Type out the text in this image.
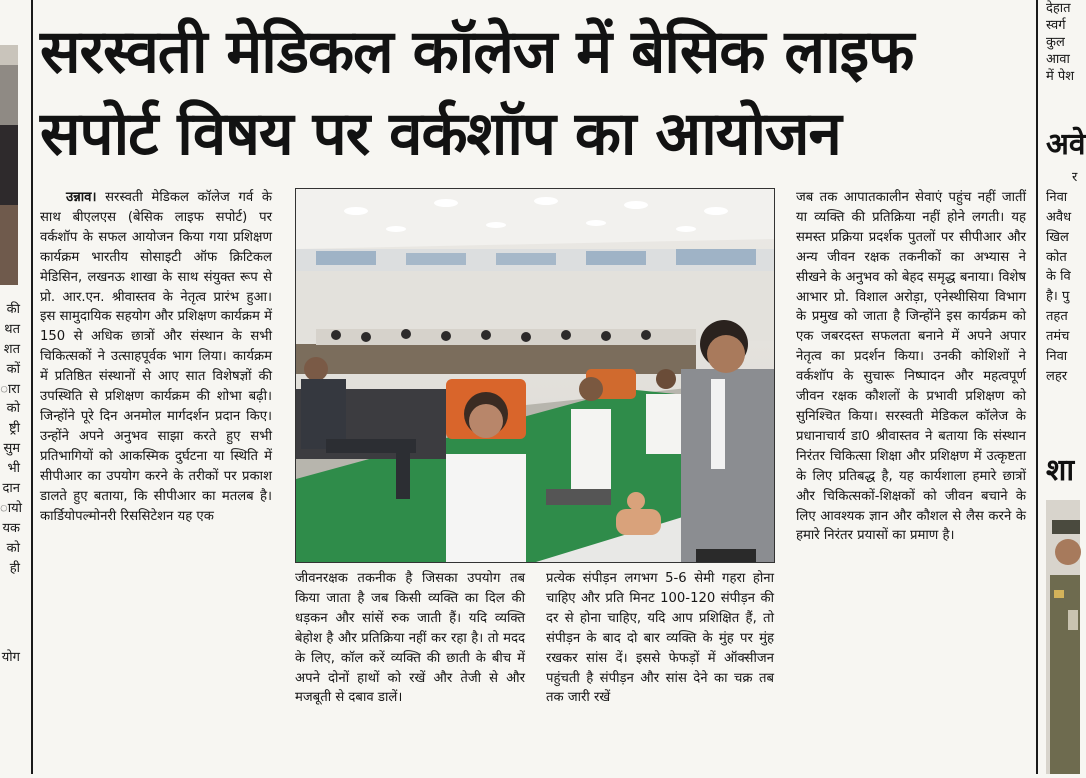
की
थत
शत
कों
ारा
को
ष्ट्री
सुम
भी
दान
ायो
यक
को
ही
योग
सरस्वती मेडिकल कॉलेज में बेसिक लाइफ
सपोर्ट विषय पर वर्कशॉप का आयोजन

उन्नाव। सरस्वती मेडिकल कॉलेज गर्व के साथ बीएलएस (बेसिक लाइफ सपोर्ट) पर वर्कशॉप के सफल आयोजन किया गया प्रशिक्षण कार्यक्रम भारतीय सोसाइटी ऑफ क्रिटिकल मेडिसिन, लखनऊ शाखा के साथ संयुक्त रूप से प्रो. आर.एन. श्रीवास्तव के नेतृत्व प्रारंभ हुआ। इस सामुदायिक सहयोग और प्रशिक्षण कार्यक्रम में 150 से अधिक छात्रों और संस्थान के सभी चिकित्सकों ने उत्साहपूर्वक भाग लिया। कार्यक्रम में प्रतिष्ठित संस्थानों से आए सात विशेषज्ञों की उपस्थिति से प्रशिक्षण कार्यक्रम की शोभा बढ़ी। जिन्होंने पूरे दिन अनमोल मार्गदर्शन प्रदान किए। उन्होंने अपने अनुभव साझा करते हुए सभी प्रतिभागियों को आकस्मिक दुर्घटना या स्थिति में सीपीआर का उपयोग करने के तरीकों पर प्रकाश डालते हुए बताया, कि सीपीआर का मतलब है। कार्डियोपल्मोनरी रिससिटेशन यह एक

जीवनरक्षक तकनीक है जिसका उपयोग तब किया जाता है जब किसी व्यक्ति का दिल की धड़कन और सांसें रुक जाती हैं। यदि व्यक्ति बेहोश है और प्रतिक्रिया नहीं कर रहा है। तो मदद के लिए, कॉल करें व्यक्ति की छाती के बीच में अपने दोनों हाथों को रखें और तेजी से और मजबूती से दबाव डालें।

प्रत्येक संपीड़न लगभग 5-6 सेमी गहरा होना चाहिए और प्रति मिनट 100-120 संपीड़न की दर से होना चाहिए, यदि आप प्रशिक्षित हैं, तो संपीड़न के बाद दो बार व्यक्ति के मुंह पर मुंह रखकर सांस दें। इससे फेफड़ों में ऑक्सीजन पहुंचती है संपीड़न और सांस देने का चक्र तब तक जारी रखें

जब तक आपातकालीन सेवाएं पहुंच नहीं जातीं या व्यक्ति की प्रतिक्रिया नहीं होने लगती। यह समस्त प्रक्रिया प्रदर्शक पुतलों पर सीपीआर और अन्य जीवन रक्षक तकनीकों का अभ्यास ने सीखने के अनुभव को बेहद समृद्ध बनाया। विशेष आभार प्रो. विशाल अरोड़ा, एनेस्थीसिया विभाग के प्रमुख को जाता है जिन्होंने इस कार्यक्रम को एक जबरदस्त सफलता बनाने में अपने अपार नेतृत्व का प्रदर्शन किया। उनकी कोशिशों ने वर्कशॉप के सुचारू निष्पादन और महत्वपूर्ण जीवन रक्षक कौशलों के प्रभावी प्रशिक्षण को सुनिश्चित किया। सरस्वती मेडिकल कॉलेज के प्रधानाचार्य डा0 श्रीवास्तव ने बताया कि संस्थान निरंतर चिकित्सा शिक्षा और प्रशिक्षण में उत्कृष्टता के लिए प्रतिबद्ध है, यह कार्यशाला हमारे छात्रों और चिकित्सकों-शिक्षकों को जीवन बचाने के लिए आवश्यक ज्ञान और कौशल से लैस करने के हमारे निरंतर प्रयासों का प्रमाण है।

देहात
स्वर्ग
कुल
आवा
में पेश
अवे
र
निवा
अवैध
खिल
कोत
के वि
है। पु
तहत
तमंच
निवा
लहर
शा
